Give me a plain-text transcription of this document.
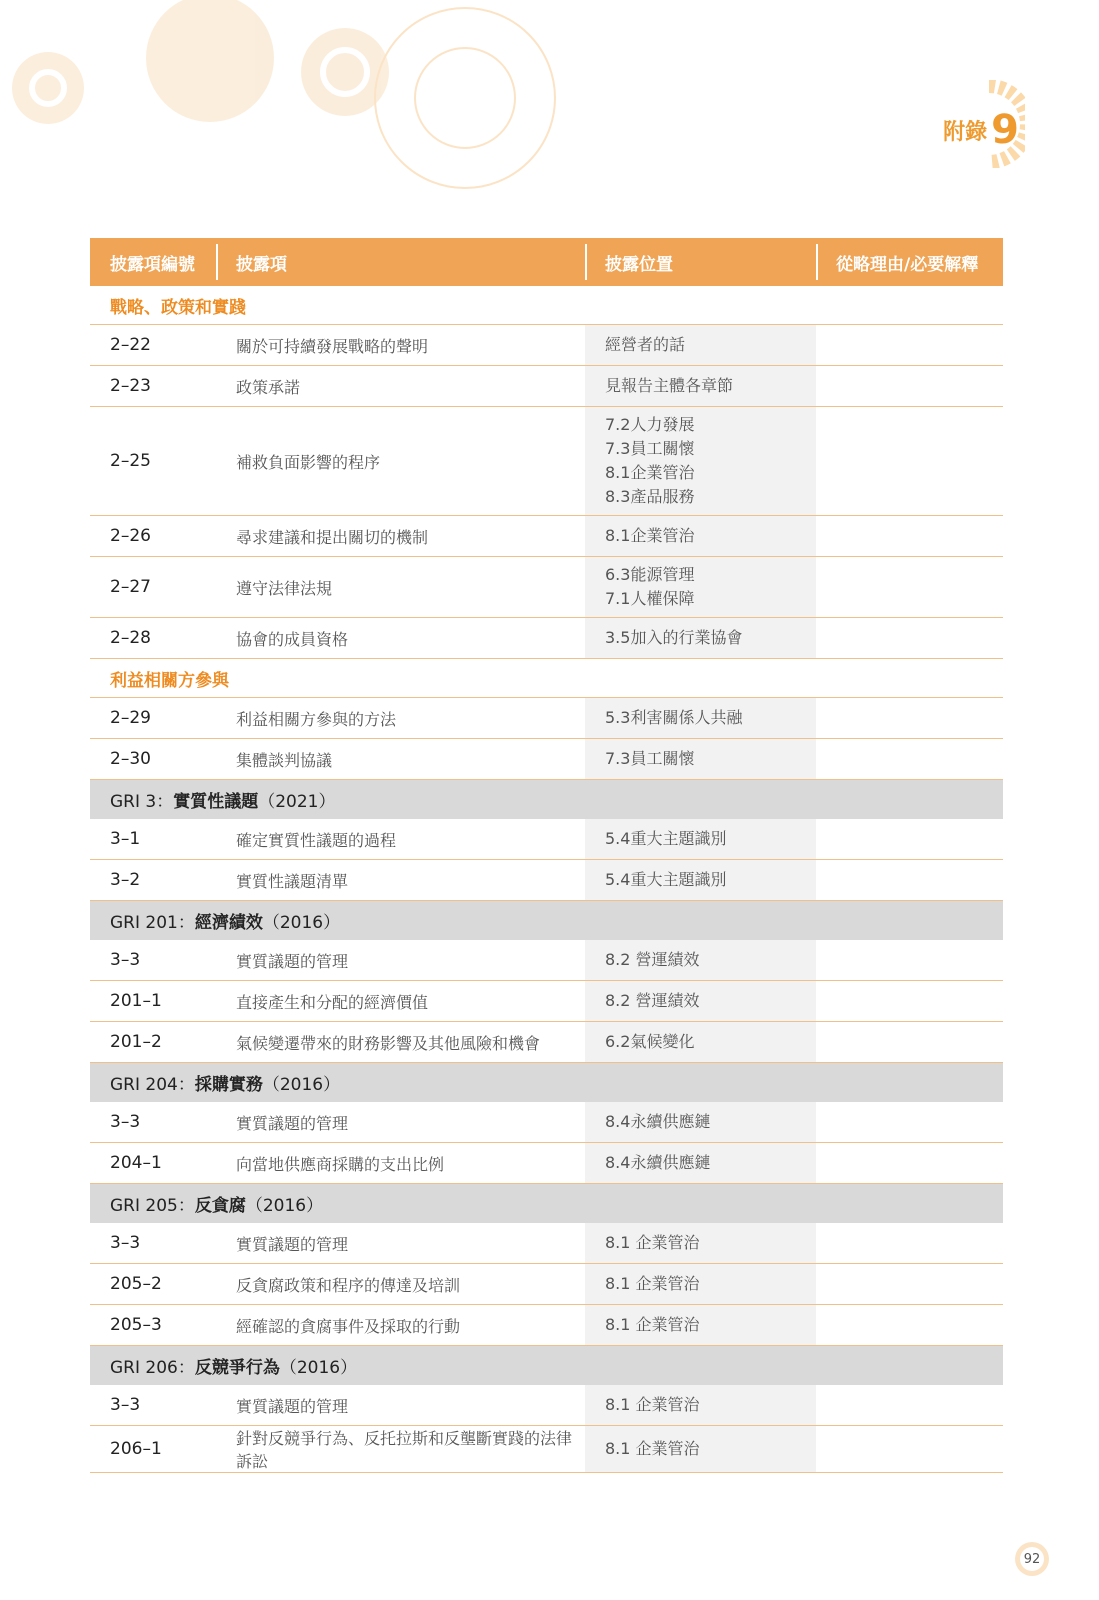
附錄 9
披露項編號	披露項	披露位置	從略理由/必要解釋
戰略、政策和實踐			
2–22	關於可持續發展戰略的聲明	經營者的話	

2–23	政策承諾	見報告主體各章節	

2–25	補救負面影響的程序	7.2人力發展
7.3員工關懷
8.1企業管治
8.3產品服務	

2–26	尋求建議和提出關切的機制	8.1企業管治	

2–27	遵守法律法規	6.3能源管理
7.1人權保障	

2–28	協會的成員資格	3.5加入的行業協會	

利益相關方參與			
2–29	利益相關方參與的方法	5.3利害關係人共融	

2–30	集體談判協議	7.3員工關懷	

GRI 3：實質性議題（2021）			
3–1	確定實質性議題的過程	5.4重大主題識別	

3–2	實質性議題清單	5.4重大主題識別	

GRI 201：經濟績效（2016）			
3–3	實質議題的管理	8.2 營運績效	

201–1	直接產生和分配的經濟價值	8.2 營運績效	

201–2	氣候變遷帶來的財務影響及其他風險和機會	6.2氣候變化	

GRI 204：採購實務（2016）			
3–3	實質議題的管理	8.4永續供應鏈	

204–1	向當地供應商採購的支出比例	8.4永續供應鏈	

GRI 205：反貪腐（2016）			
3–3	實質議題的管理	8.1 企業管治	

205–2	反貪腐政策和程序的傳達及培訓	8.1 企業管治	

205–3	經確認的貪腐事件及採取的行動	8.1 企業管治	

GRI 206：反競爭行為（2016）			
3–3	實質議題的管理	8.1 企業管治	

206–1	針對反競爭行為、反托拉斯和反壟斷實踐的法律訴訟	8.1 企業管治	

92
